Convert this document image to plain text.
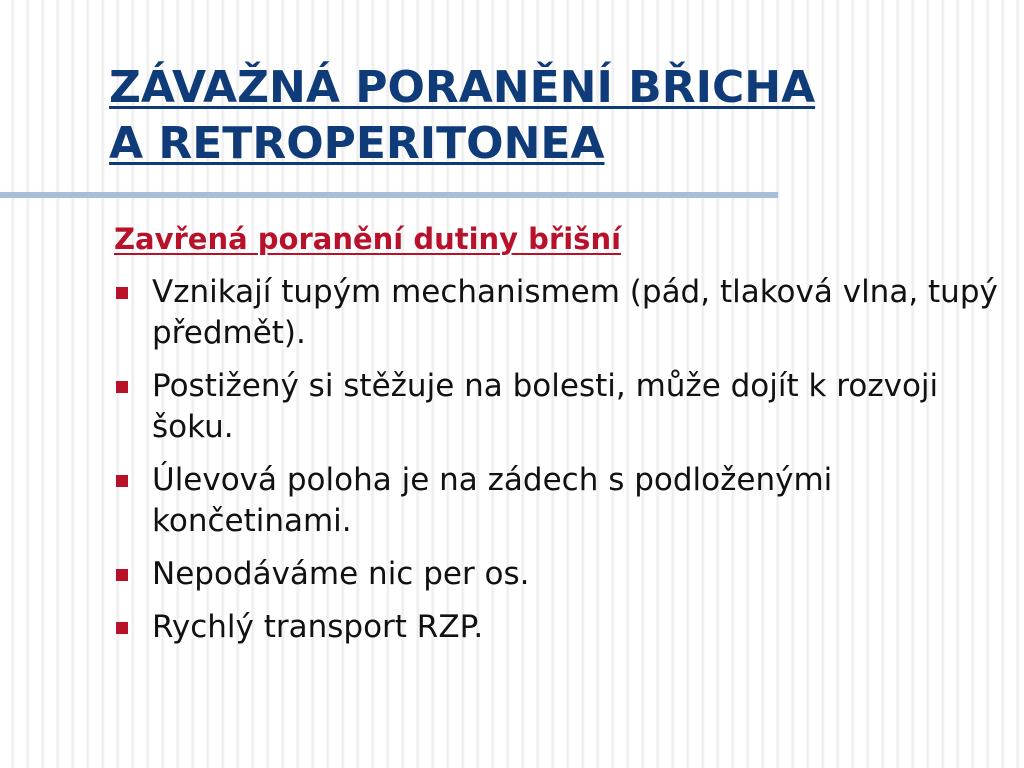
ZÁVAŽNÁ PORANĚNÍ BŘICHA
A RETROPERITONEA
Zavřená poranění dutiny břišní
Vznikají tupým mechanismem (pád, tlaková vlna, tupý předmět).
Postižený si stěžuje na bolesti, může dojít k rozvoji šoku.
Úlevová poloha je na zádech s podloženými končetinami.
Nepodáváme nic per os.
Rychlý transport RZP.
